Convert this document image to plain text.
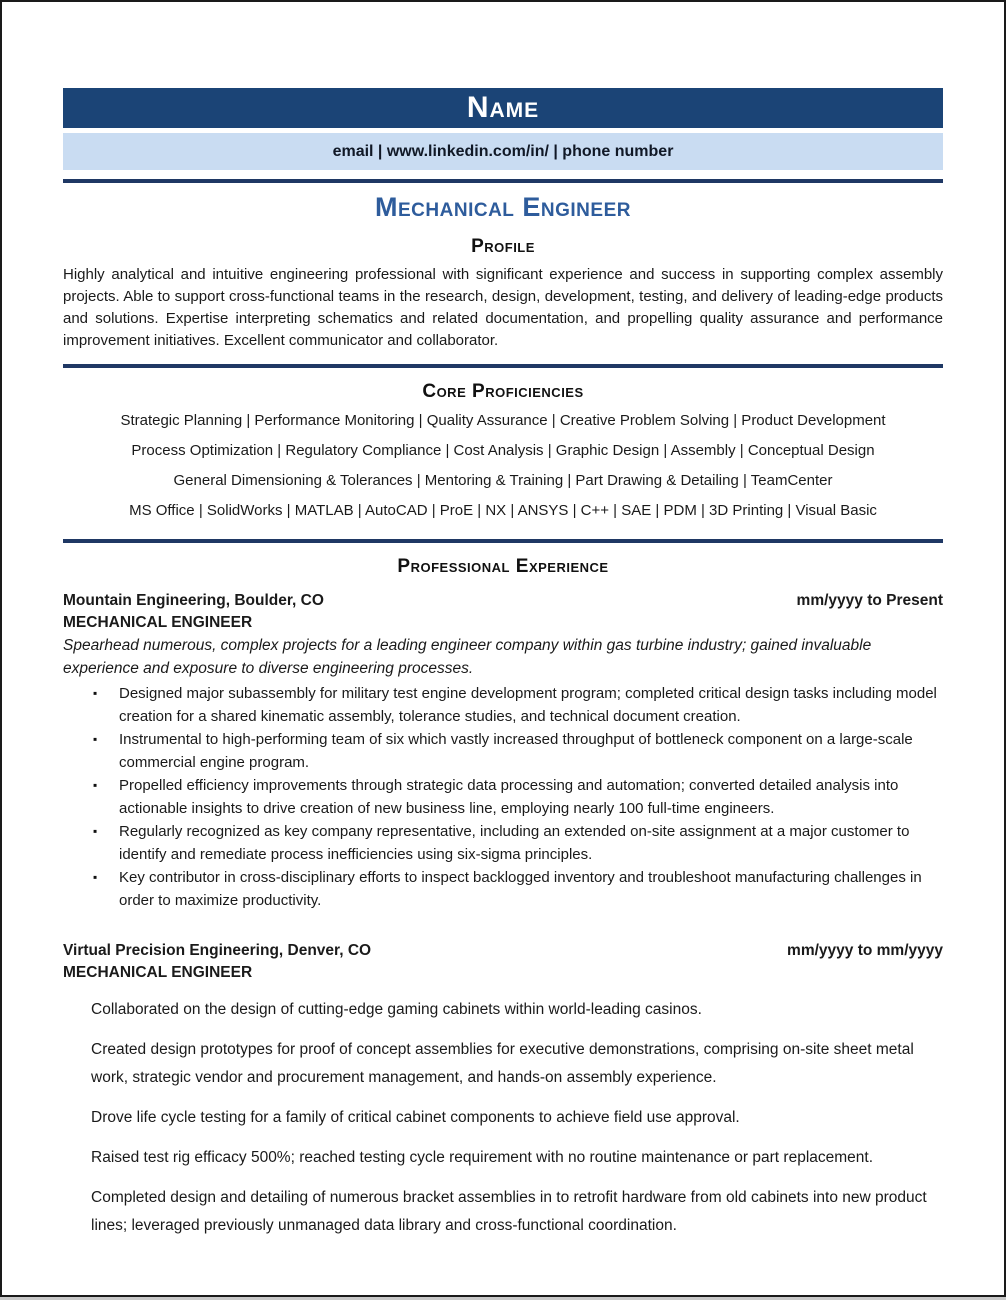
Name
email | www.linkedin.com/in/ | phone number
Mechanical Engineer
Profile

Highly analytical and intuitive engineering professional with significant experience and success in supporting complex assembly projects. Able to support cross-functional teams in the research, design, development, testing, and delivery of leading-edge products and solutions. Expertise interpreting schematics and related documentation, and propelling quality assurance and performance improvement initiatives. Excellent communicator and collaborator.

Core Proficiencies

Strategic Planning | Performance Monitoring | Quality Assurance | Creative Problem Solving | Product Development

Process Optimization | Regulatory Compliance | Cost Analysis | Graphic Design | Assembly | Conceptual Design

General Dimensioning & Tolerances | Mentoring & Training | Part Drawing & Detailing | TeamCenter

MS Office | SolidWorks | MATLAB | AutoCAD | ProE | NX | ANSYS | C++ | SAE | PDM | 3D Printing | Visual Basic

Professional Experience
Mountain Engineering, Boulder, CO	mm/yyyy to Present
MECHANICAL ENGINEER

Spearhead numerous, complex projects for a leading engineer company within gas turbine industry; gained invaluable experience and exposure to diverse engineering processes.

▪ Designed major subassembly for military test engine development program; completed critical design tasks including model creation for a shared kinematic assembly, tolerance studies, and technical document creation.
▪ Instrumental to high-performing team of six which vastly increased throughput of bottleneck component on a large-scale commercial engine program.
▪ Propelled efficiency improvements through strategic data processing and automation; converted detailed analysis into actionable insights to drive creation of new business line, employing nearly 100 full-time engineers.
▪ Regularly recognized as key company representative, including an extended on-site assignment at a major customer to identify and remediate process inefficiencies using six-sigma principles.
▪ Key contributor in cross-disciplinary efforts to inspect backlogged inventory and troubleshoot manufacturing challenges in order to maximize productivity.
Virtual Precision Engineering, Denver, CO	mm/yyyy to mm/yyyy
MECHANICAL ENGINEER

Collaborated on the design of cutting-edge gaming cabinets within world-leading casinos.

Created design prototypes for proof of concept assemblies for executive demonstrations, comprising on-site sheet metal work, strategic vendor and procurement management, and hands-on assembly experience.

Drove life cycle testing for a family of critical cabinet components to achieve field use approval.

Raised test rig efficacy 500%; reached testing cycle requirement with no routine maintenance or part replacement.

Completed design and detailing of numerous bracket assemblies in to retrofit hardware from old cabinets into new product lines; leveraged previously unmanaged data library and cross-functional coordination.
